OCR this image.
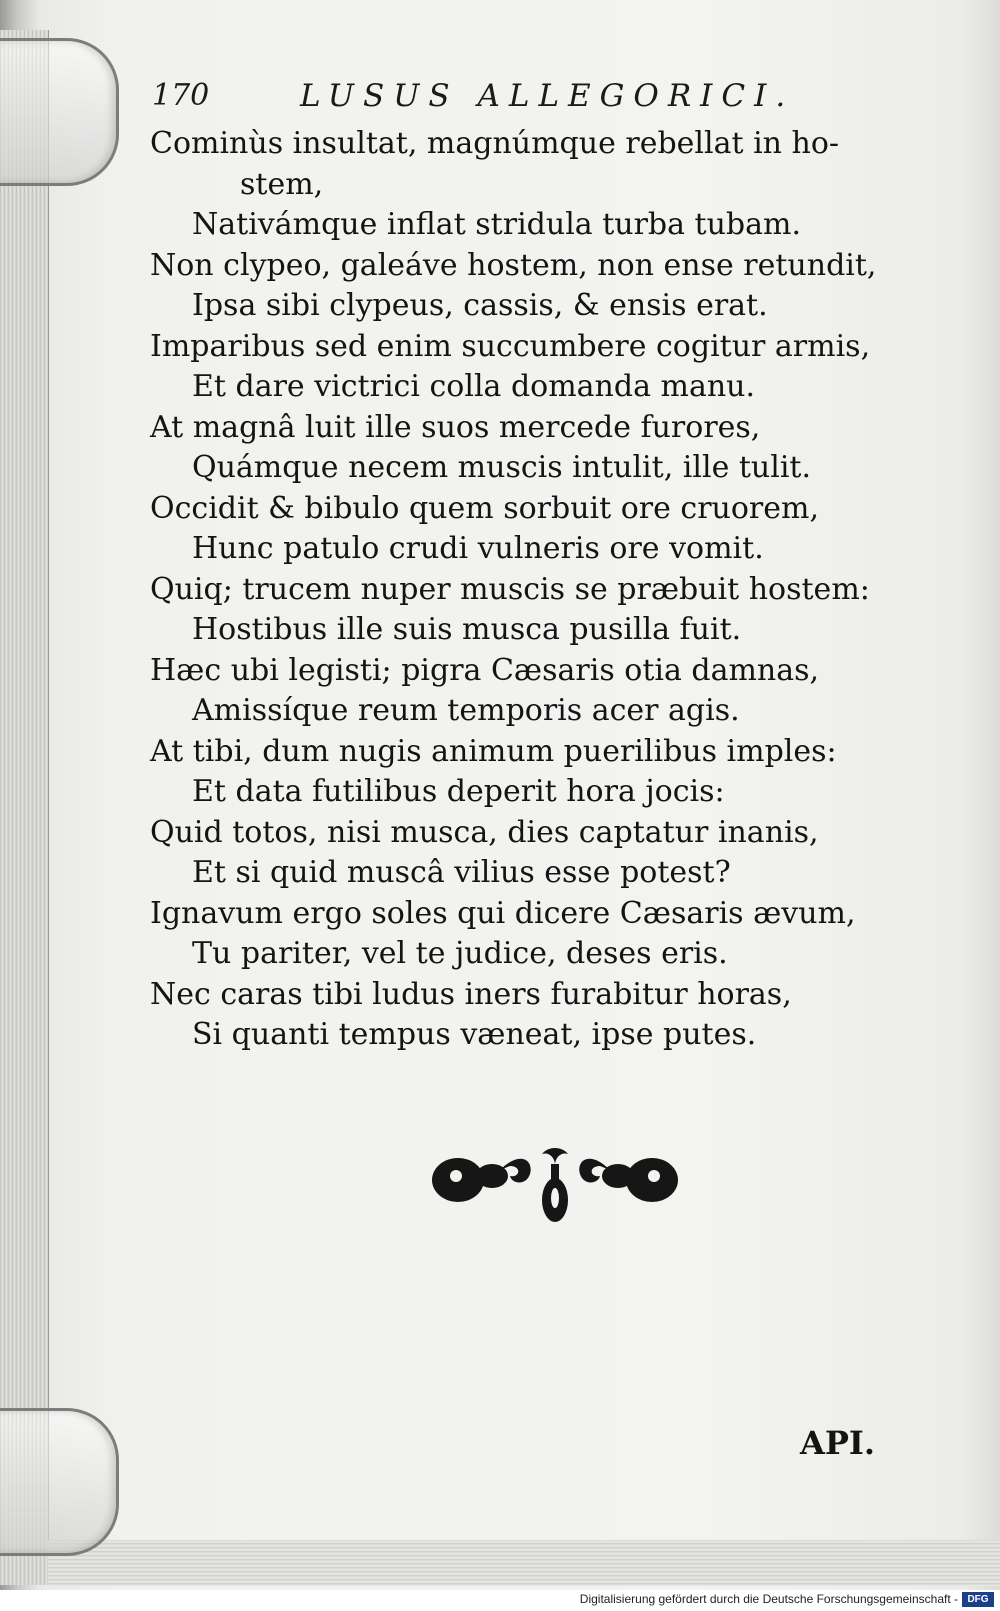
170	LUSUS ALLEGORICI.
Cominùs insultat, magnúmque rebellat in ho-
stem,
Nativámque inflat stridula turba tubam.
Non clypeo, galeáve hostem, non ense retundit,
Ipsa sibi clypeus, cassis, & ensis erat.
Imparibus sed enim succumbere cogitur armis,
Et dare victrici colla domanda manu.
At magnâ luit ille suos mercede furores,
Quámque necem muscis intulit, ille tulit.
Occidit & bibulo quem sorbuit ore cruorem,
Hunc patulo crudi vulneris ore vomit.
Quiq; trucem nuper muscis se præbuit hostem:
Hostibus ille suis musca pusilla fuit.
Hæc ubi legisti; pigra Cæsaris otia damnas,
Amissíque reum temporis acer agis.
At tibi, dum nugis animum puerilibus imples:
Et data futilibus deperit hora jocis:
Quid totos, nisi musca, dies captatur inanis,
Et si quid muscâ vilius esse potest?
Ignavum ergo soles qui dicere Cæsaris ævum,
Tu pariter, vel te judice, deses eris.
Nec caras tibi ludus iners furabitur horas,
Si quanti tempus væneat, ipse putes.
API.
Digitalisierung gefördert durch die Deutsche Forschungsgemeinschaft - DFG
